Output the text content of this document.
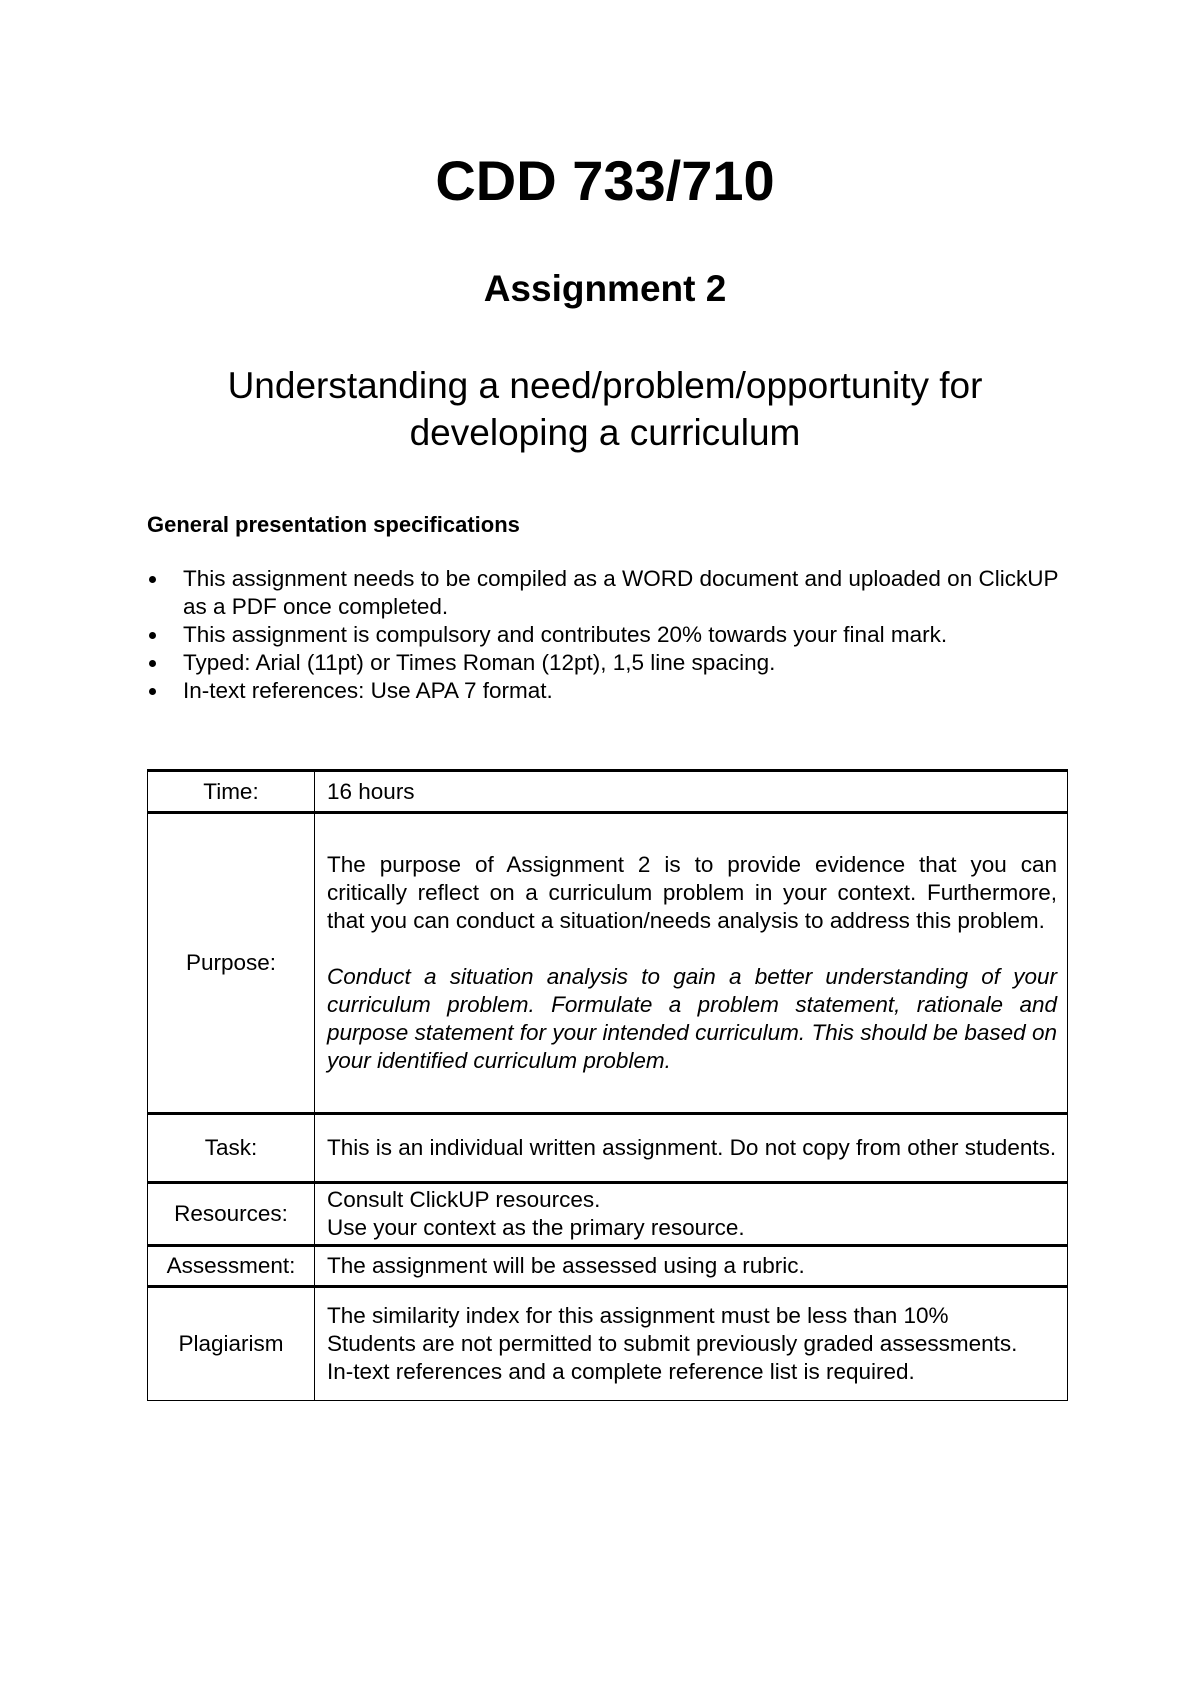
CDD 733/710
Assignment 2
Understanding a need/problem/opportunity for
developing a curriculum
General presentation specifications
This assignment needs to be compiled as a WORD document and uploaded on ClickUP as a PDF once completed.
This assignment is compulsory and contributes 20% towards your final mark.
Typed: Arial (11pt) or Times Roman (12pt), 1,5 line spacing.
In-text references: Use APA 7 format.
Time:	16 hours
Purpose:	The purpose of Assignment 2 is to provide evidence that you can critically reflect on a curriculum problem in your context. Furthermore, that you can conduct a situation/needs analysis to address this problem.

Conduct a situation analysis to gain a better understanding of your curriculum problem. Formulate a problem statement, rationale and purpose statement for your intended curriculum. This should be based on your identified curriculum problem.

Task:	This is an individual written assignment. Do not copy from other students.
Resources:	Consult ClickUP resources.

Use your context as the primary resource.

Assessment:	The assignment will be assessed using a rubric.
Plagiarism	The similarity index for this assignment must be less than 10%

Students are not permitted to submit previously graded assessments.

In-text references and a complete reference list is required.
